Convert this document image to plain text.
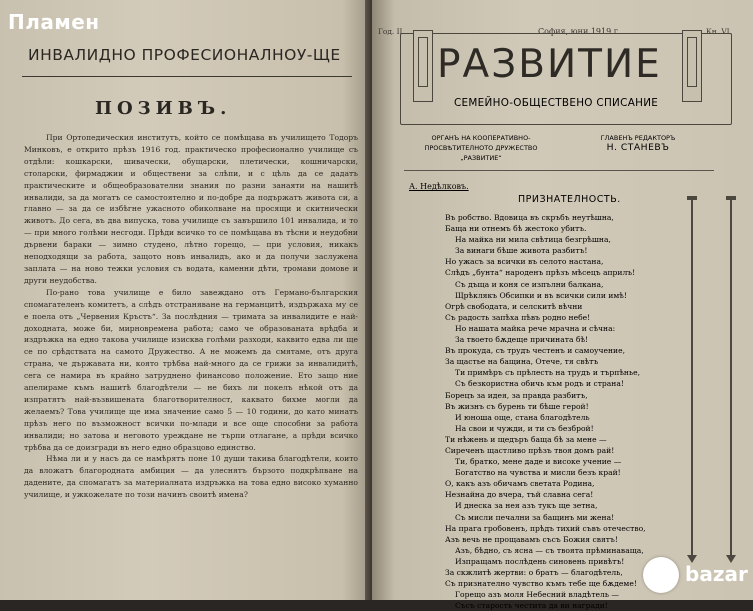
ИНВАЛИДНО ПРОФЕСИОНАЛНОУ-ЩЕ
ПОЗИВЪ.

При Ортопедическия институтъ, който се помѣщава въ училището Тодоръ Минковъ, е открито прѣзъ 1916 год. практическо професионално училище съ отдѣли: кошкарски, шивачески, обущарски, плетически, кошничарски, столарски, фирмаджии и обществени за слѣпи, и с цѣль да се дадатъ практическите и общеобразователни знания по разни занаяти на нашитѣ инвалиди, за да могатъ се самостоятелно и по-добре да подържатъ живота си, а главно — за да се избѣгне ужасното обиколване на просящи и скитнически животъ. До сега, въ два випуска, това училище съ завършило 101 инвалида, и то — при много голѣми несгоди. Прѣди всичко то се помѣщава въ тѣсни и неудобни дървени бараки — зимно студено, лѣтно горещо, — при условия, никакъ неподходящи за работа, защото новъ инвалидъ, ако и да получи заслужена заплата — на ново тежки условия съ водата, каменни дѣти, тромави домове и други неудобства.

По-рано това училище е било завеждано отъ Германо-българския спомагателенъ комитетъ, а слѣдъ отстраняване на германцитѣ, издържаха му се е поела отъ „Червения Кръстъ“. За послѣдния — тримата за инвалидите е най-доходната, може би, мирновремена работа; само че образованата врѣдба и издръжка на едно такова училище изисква голѣми разходи, каквито едва ли ще се по срѣдствата на самото Дружество. А не можемъ да смятаме, отъ друга страна, че държавата ни, която трѣбва най-много да се грижи за инвалидитѣ, сега се намира въ крайно затруднено финансово положение. Ето защо ние апелираме къмъ нашитѣ благодѣтели — не бихъ ли покелъ нѣкой отъ да изпратятъ най-възвишената благотворителност, каквато бихме могли да желаемъ? Това училище ще има значение само 5 — 10 години, до като минатъ прѣзъ него по възможност всички по-млади и все още способни за работа инвалиди; но затова и неговото уреждане не търпи отлагане, а прѣди всичко трѣбва да се доизгради въ него едно образцово единство.

Нѣма ли и у насъ да се намѣрятъ поне 10 души такива благодѣтели, които да вложатъ благородната амбиция — да улеснятъ бързото подкрѣпване на дадените, да спомагатъ за материалната издръжка на това едно високо хуманно училище, и ужкожелате по този начинъ своитѣ имена?

Год. II	София, юни 1919 г.	Кн. VI.
РАЗВИТИЕ
СЕМЕЙНО-ОБЩЕСТВЕНО СПИСАНИЕ
ОРГАНЪ НА КООПЕРАТИВНО-
ПРОСВѢТИТЕЛНОТО ДРУЖЕСТВО
„РАЗВИТИЕ“
ГЛАВЕНЪ РЕДАКТОРЪ
Н. СТАНЕВЪ
А. Недѣлковъ.
ПРИЗНАТЕЛНОСТЬ.
Въ робство. Вдовица въ скръбъ неутѣшна,
Баща ни отнемъ бѣ жестоко убитъ.
На майка ни мила свѣтица безгрѣшна,
За винаги бѣше живота разбитъ!
Но ужасъ за всички въ селото настана,
Слѣдъ „бунта“ народенъ прѣзъ мѣсецъ априлъ!
Съ дъща и коня се изпълни балкана,
Щрѣклякъ Обсипки и въ всички сили имѣ!
Огрѣ свободата, и селскитѣ вѣчни
Съ радость запѣха пѣвъ родно небе!
Но нашата майка рече мрачна и сѣчна:
За твоето бѫдеще причината бѣ!
Въ прокуда, съ трудъ честенъ и самоучение,
За щастье на бащина, Отече, тя свѣтъ
Ти примѣръ съ прѣлесть на трудъ и търпѣнье,
Съ безкористна обичь към родъ и страна!
Борецъ за идея, за правда разбитъ,
Въ жизнъ съ бурень ти бѣше герой!
И юноша още, стана благодѣтель
На свои и чужди, и ти съ безброй!
Ти нѣжень и щедъръ баща бѣ за мене —
Сиреченъ щастливо прѣзъ твоя домъ рай!
Ти, братко, мене даде и високе учение —
Богатство на чувства и мисли безъ край!
О, какъ азъ обичамъ светата Родина,
Незнайна до вчера, тъй славна сега!
И днеска за нея азъ тукъ ще зетна,
Съ мисли печални за бащинъ ми жена!
На прага гробовенъ, прѣдъ тихий съвъ отечество,
Азъ вечь не прощавамъ съсъ Божия святъ!
Азъ, бѣдно, съ ясна — съ твоята прѣминаваща,
Изпращамъ послѣдень синовень привѣтъ!
За скжлитѣ жертви: о братъ — благодѣтель,
Съ признателно чувство къмъ тебе ще бѫдеме!
Горещо азъ моля Небесний владѣтель —
Съсъ старость честита да ви награди!
Пламен
bazar
